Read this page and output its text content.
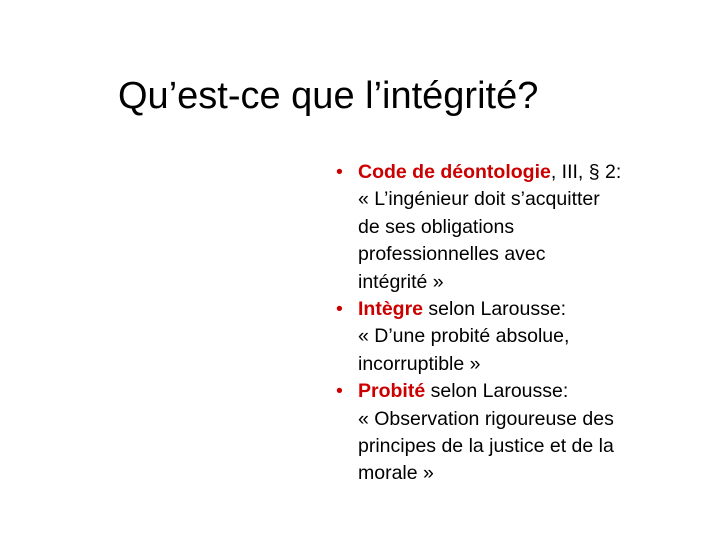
Qu’est-ce que l’intégrité?
• Code de déontologie, III, § 2:
« L’ingénieur doit s’acquitter
de ses obligations
professionnelles avec
intégrité »
• Intègre selon Larousse:
« D’une probité absolue,
incorruptible »
• Probité selon Larousse:
« Observation rigoureuse des
principes de la justice et de la
morale »
